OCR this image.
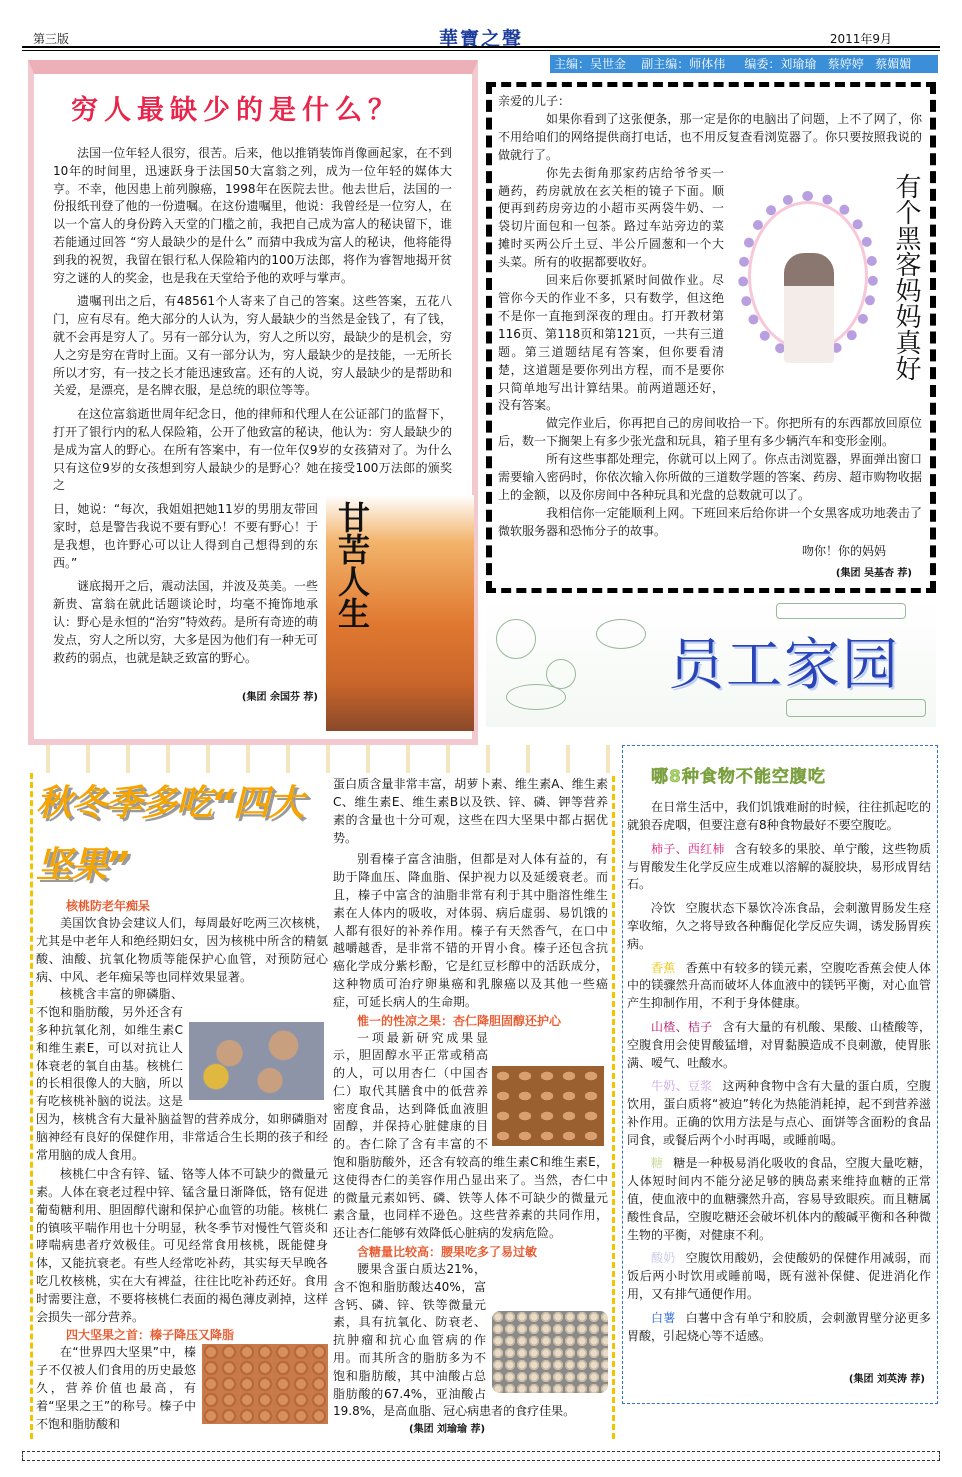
第三版	華寶之聲	2011年9月
主编：吴世金    副主编：师体伟     编委：刘瑜瑜   蔡婷婷   蔡媚媚
穷人最缺少的是什么？

法国一位年轻人很穷，很苦。后来，他以推销装饰肖像画起家，在不到10年的时间里，迅速跃身于法国50大富翁之列，成为一位年轻的媒体大亨。不幸，他因患上前列腺癌，1998年在医院去世。他去世后，法国的一份报纸刊登了他的一份遗嘱。在这份遗嘱里，他说：我曾经是一位穷人，在以一个富人的身份跨入天堂的门槛之前，我把自己成为富人的秘诀留下，谁若能通过回答 “穷人最缺少的是什么” 而猜中我成为富人的秘诀，他将能得到我的祝贺，我留在银行私人保险箱内的100万法郎，将作为睿智地揭开贫穷之谜的人的奖金，也是我在天堂给予他的欢呼与掌声。

遗嘱刊出之后，有48561个人寄来了自己的答案。这些答案，五花八门，应有尽有。绝大部分的人认为，穷人最缺少的当然是金钱了，有了钱，就不会再是穷人了。另有一部分认为，穷人之所以穷，最缺少的是机会，穷人之穷是穷在背时上面。又有一部分认为，穷人最缺少的是技能，一无所长所以才穷，有一技之长才能迅速致富。还有的人说，穷人最缺少的是帮助和关爱，是漂亮，是名牌衣服，是总统的职位等等。

在这位富翁逝世周年纪念日，他的律师和代理人在公证部门的监督下，打开了银行内的私人保险箱，公开了他致富的秘诀，他认为：穷人最缺少的是成为富人的野心。在所有答案中，有一位年仅9岁的女孩猜对了。为什么只有这位9岁的女孩想到穷人最缺少的是野心？她在接受100万法郎的颁奖之

日，她说：“每次，我姐姐把她11岁的男朋友带回家时，总是警告我说不要有野心！不要有野心！于是我想，也许野心可以让人得到自己想得到的东西。”

谜底揭开之后，震动法国，并波及英美。一些新贵、富翁在就此话题谈论时，均毫不掩饰地承认：野心是永恒的“治穷”特效药。是所有奇迹的萌发点，穷人之所以穷，大多是因为他们有一种无可救药的弱点，也就是缺乏致富的野心。

(集团 余国芬 荐)

甘苦人生

亲爱的儿子：

如果你看到了这张便条，那一定是你的电脑出了问题，上不了网了，你不用给咱们的网络提供商打电话，也不用反复查看浏览器了。你只要按照我说的做就行了。

你先去街角那家药店给爷爷买一趟药，药房就放在玄关柜的镜子下面。顺便再到药房旁边的小超市买两袋牛奶、一袋切片面包和一包茶。路过车站旁边的菜摊时买两公斤土豆、半公斤圆葱和一个大头菜。所有的收据都要收好。

回来后你要抓紧时间做作业。尽管你今天的作业不多，只有数学，但这绝不是你一直拖到深夜的理由。打开教材第116页、第118页和第121页，一共有三道题。第三道题结尾有答案，但你要看清楚，这道题是要你列出方程，而不是要你只简单地写出计算结果。前两道题还好，没有答案。

有个黑客妈妈真好

做完作业后，你再把自己的房间收拾一下。你把所有的东西都放回原位后，数一下搁架上有多少张光盘和玩具，箱子里有多少辆汽车和变形金刚。

所有这些事都处理完，你就可以上网了。你点击浏览器，界面弹出窗口需要输入密码时，你依次输入你所做的三道数学题的答案、药房、超市购物收据上的金额，以及你房间中各种玩具和光盘的总数就可以了。

我相信你一定能顺利上网。下班回来后给你讲一个女黑客成功地袭击了微软服务器和恐怖分子的故事。

吻你！你的妈妈

(集团 吴基杏 荐)

员工家园
秋冬季多吃“四大坚果”

核桃防老年痴呆

美国饮食协会建议人们，每周最好吃两三次核桃，尤其是中老年人和绝经期妇女，因为核桃中所含的精氨酸、油酸、抗氧化物质等能保护心血管，对预防冠心病、中风、老年痴呆等也同样效果显著。

核桃含丰富的卵磷脂、不饱和脂肪酸，另外还含有多种抗氧化剂，如维生素C和维生素E，可以对抗让人体衰老的氧自由基。核桃仁的长相很像人的大脑，所以有吃核桃补脑的说法。这是因为，核桃含有大量补脑益智的营养成分，如卵磷脂对脑神经有良好的保健作用，非常适合生长期的孩子和经常用脑的成人食用。

核桃仁中含有锌、锰、铬等人体不可缺少的微量元素。人体在衰老过程中锌、锰含量日渐降低，铬有促进葡萄糖利用、胆固醇代谢和保护心血管的功能。核桃仁的镇咳平喘作用也十分明显，秋冬季节对慢性气管炎和哮喘病患者疗效极佳。可见经常食用核桃，既能健身体，又能抗衰老。有些人经常吃补药，其实每天早晚各吃几枚核桃，实在大有裨益，往往比吃补药还好。食用时需要注意，不要将核桃仁表面的褐色薄皮剥掉，这样会损失一部分营养。

四大坚果之首：榛子降压又降脂

在“世界四大坚果”中，榛子不仅被人们食用的历史最悠久，营养价值也最高，有着“坚果之王”的称号。榛子中不饱和脂肪酸和

蛋白质含量非常丰富，胡萝卜素、维生素A、维生素C、维生素E、维生素B以及铁、锌、磷、钾等营养素的含量也十分可观，这些在四大坚果中都占据优势。

别看榛子富含油脂，但都是对人体有益的，有助于降血压、降血脂、保护视力以及延缓衰老。而且，榛子中富含的油脂非常有利于其中脂溶性维生素在人体内的吸收，对体弱、病后虚弱、易饥饿的人都有很好的补养作用。榛子有天然香气，在口中越嚼越香，是非常不错的开胃小食。榛子还包含抗癌化学成分紫杉酚，它是红豆杉醇中的活跃成分，这种物质可治疗卵巢癌和乳腺癌以及其他一些癌症，可延长病人的生命期。

惟一的性凉之果：杏仁降胆固醇还护心

一项最新研究成果显示，胆固醇水平正常或稍高的人，可以用杏仁（中国杏仁）取代其膳食中的低营养密度食品，达到降低血液胆固醇，并保持心脏健康的目的。杏仁除了含有丰富的不饱和脂肪酸外，还含有较高的维生素C和维生素E，这使得杏仁的美容作用凸显出来了。当然，杏仁中的微量元素如钙、磷、铁等人体不可缺少的微量元素含量，也同样不逊色。这些营养素的共同作用，还让杏仁能够有效降低心脏病的发病危险。

含糖量比较高：腰果吃多了易过敏

腰果含蛋白质达21%，含不饱和脂肪酸达40%，富含钙、磷、锌、铁等微量元素，具有抗氧化、防衰老、抗肿瘤和抗心血管病的作用。而其所含的脂肪多为不饱和脂肪酸，其中油酸占总脂肪酸的67.4%，亚油酸占19.8%，是高血脂、冠心病患者的食疗佳果。

(集团 刘瑜瑜 荐)

哪8种食物不能空腹吃

在日常生活中，我们饥饿难耐的时候，往往抓起吃的就狼吞虎咽，但要注意有8种食物最好不要空腹吃。

柿子、西红柿 含有较多的果胶、单宁酸，这些物质与胃酸发生化学反应生成难以溶解的凝胶块，易形成胃结石。

冷饮 空腹状态下暴饮冷冻食品，会刺激胃肠发生痉挛收缩，久之将导致各种酶促化学反应失调，诱发肠胃疾病。

香蕉 香蕉中有较多的镁元素，空腹吃香蕉会使人体中的镁骤然升高而破坏人体血液中的镁钙平衡，对心血管产生抑制作用，不利于身体健康。

山楂、桔子 含有大量的有机酸、果酸、山楂酸等，空腹食用会使胃酸猛增，对胃黏膜造成不良刺激，使胃胀满、嗳气、吐酸水。

牛奶、豆浆 这两种食物中含有大量的蛋白质，空腹饮用，蛋白质将“被迫”转化为热能消耗掉，起不到营养滋补作用。正确的饮用方法是与点心、面饼等含面粉的食品同食，或餐后两个小时再喝，或睡前喝。

糖 糖是一种极易消化吸收的食品，空腹大量吃糖，人体短时间内不能分泌足够的胰岛素来维持血糖的正常值，使血液中的血糖骤然升高，容易导致眼疾。而且糖属酸性食品，空腹吃糖还会破坏机体内的酸碱平衡和各种微生物的平衡，对健康不利。

酸奶 空腹饮用酸奶，会使酸奶的保健作用减弱，而饭后两小时饮用或睡前喝，既有滋补保健、促进消化作用，又有排气通便作用。

白薯 白薯中含有单宁和胶质，会刺激胃壁分泌更多胃酸，引起烧心等不适感。

(集团 刘英涛 荐)
